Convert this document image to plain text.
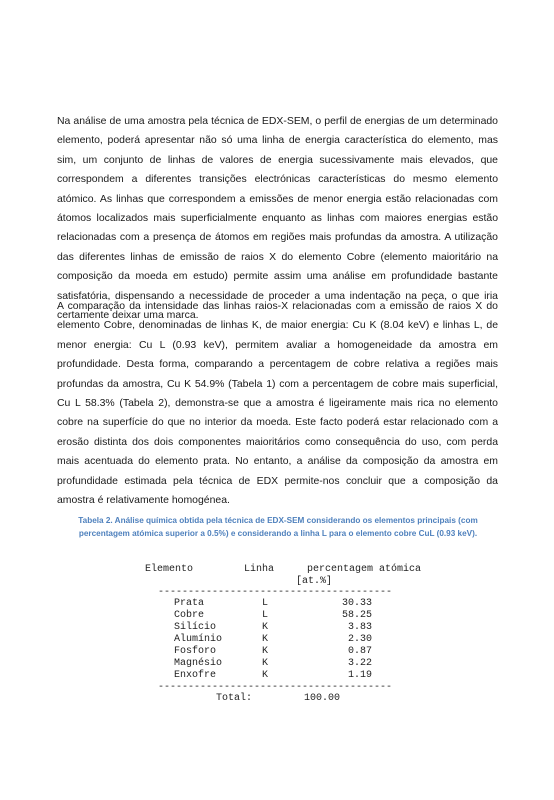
Na análise de uma amostra pela técnica de EDX-SEM, o perfil de energias de um determinado elemento, poderá apresentar não só uma linha de energia característica do elemento, mas sim, um conjunto de linhas de valores de energia sucessivamente mais elevados, que correspondem a diferentes transições electrónicas características do mesmo elemento atómico. As linhas que correspondem a emissões de menor energia estão relacionadas com átomos localizados mais superficialmente enquanto as linhas com maiores energias estão relacionadas com a presença de átomos em regiões mais profundas da amostra. A utilização das diferentes linhas de emissão de raios X do elemento Cobre (elemento maioritário na composição da moeda em estudo) permite assim uma análise em profundidade bastante satisfatória, dispensando a necessidade de proceder a uma indentação na peça, o que iria certamente deixar uma marca.

A comparação da intensidade das linhas raios-X relacionadas com a emissão de raios X do elemento Cobre, denominadas de linhas K, de maior energia: Cu K (8.04 keV) e linhas L, de menor energia: Cu L (0.93 keV), permitem avaliar a homogeneidade da amostra em profundidade. Desta forma, comparando a percentagem de cobre relativa a regiões mais profundas da amostra, Cu K 54.9% (Tabela 1) com a percentagem de cobre mais superficial, Cu L 58.3% (Tabela 2), demonstra-se que a amostra é ligeiramente mais rica no elemento cobre na superfície do que no interior da moeda. Este facto poderá estar relacionado com a erosão distinta dos dois componentes maioritários como consequência do uso, com perda mais acentuada do elemento prata. No entanto, a análise da composição da amostra em profundidade estimada pela técnica de EDX permite-nos concluir que a composição da amostra é relativamente homogénea.

Tabela 2. Análise química obtida pela técnica de EDX-SEM considerando os elementos principais (com percentagem atómica superior a 0.5%) e considerando a linha L para o elemento cobre CuL (0.93 keV).

Elemento	Linha	percentagem atómica
[at.%]
---------------------------------------
Prata	L	30.33
Cobre	L	58.25
Silício	K	3.83
Alumínio	K	2.30
Fosforo	K	0.87
Magnésio	K	3.22
Enxofre	K	1.19
---------------------------------------
Total:	100.00
